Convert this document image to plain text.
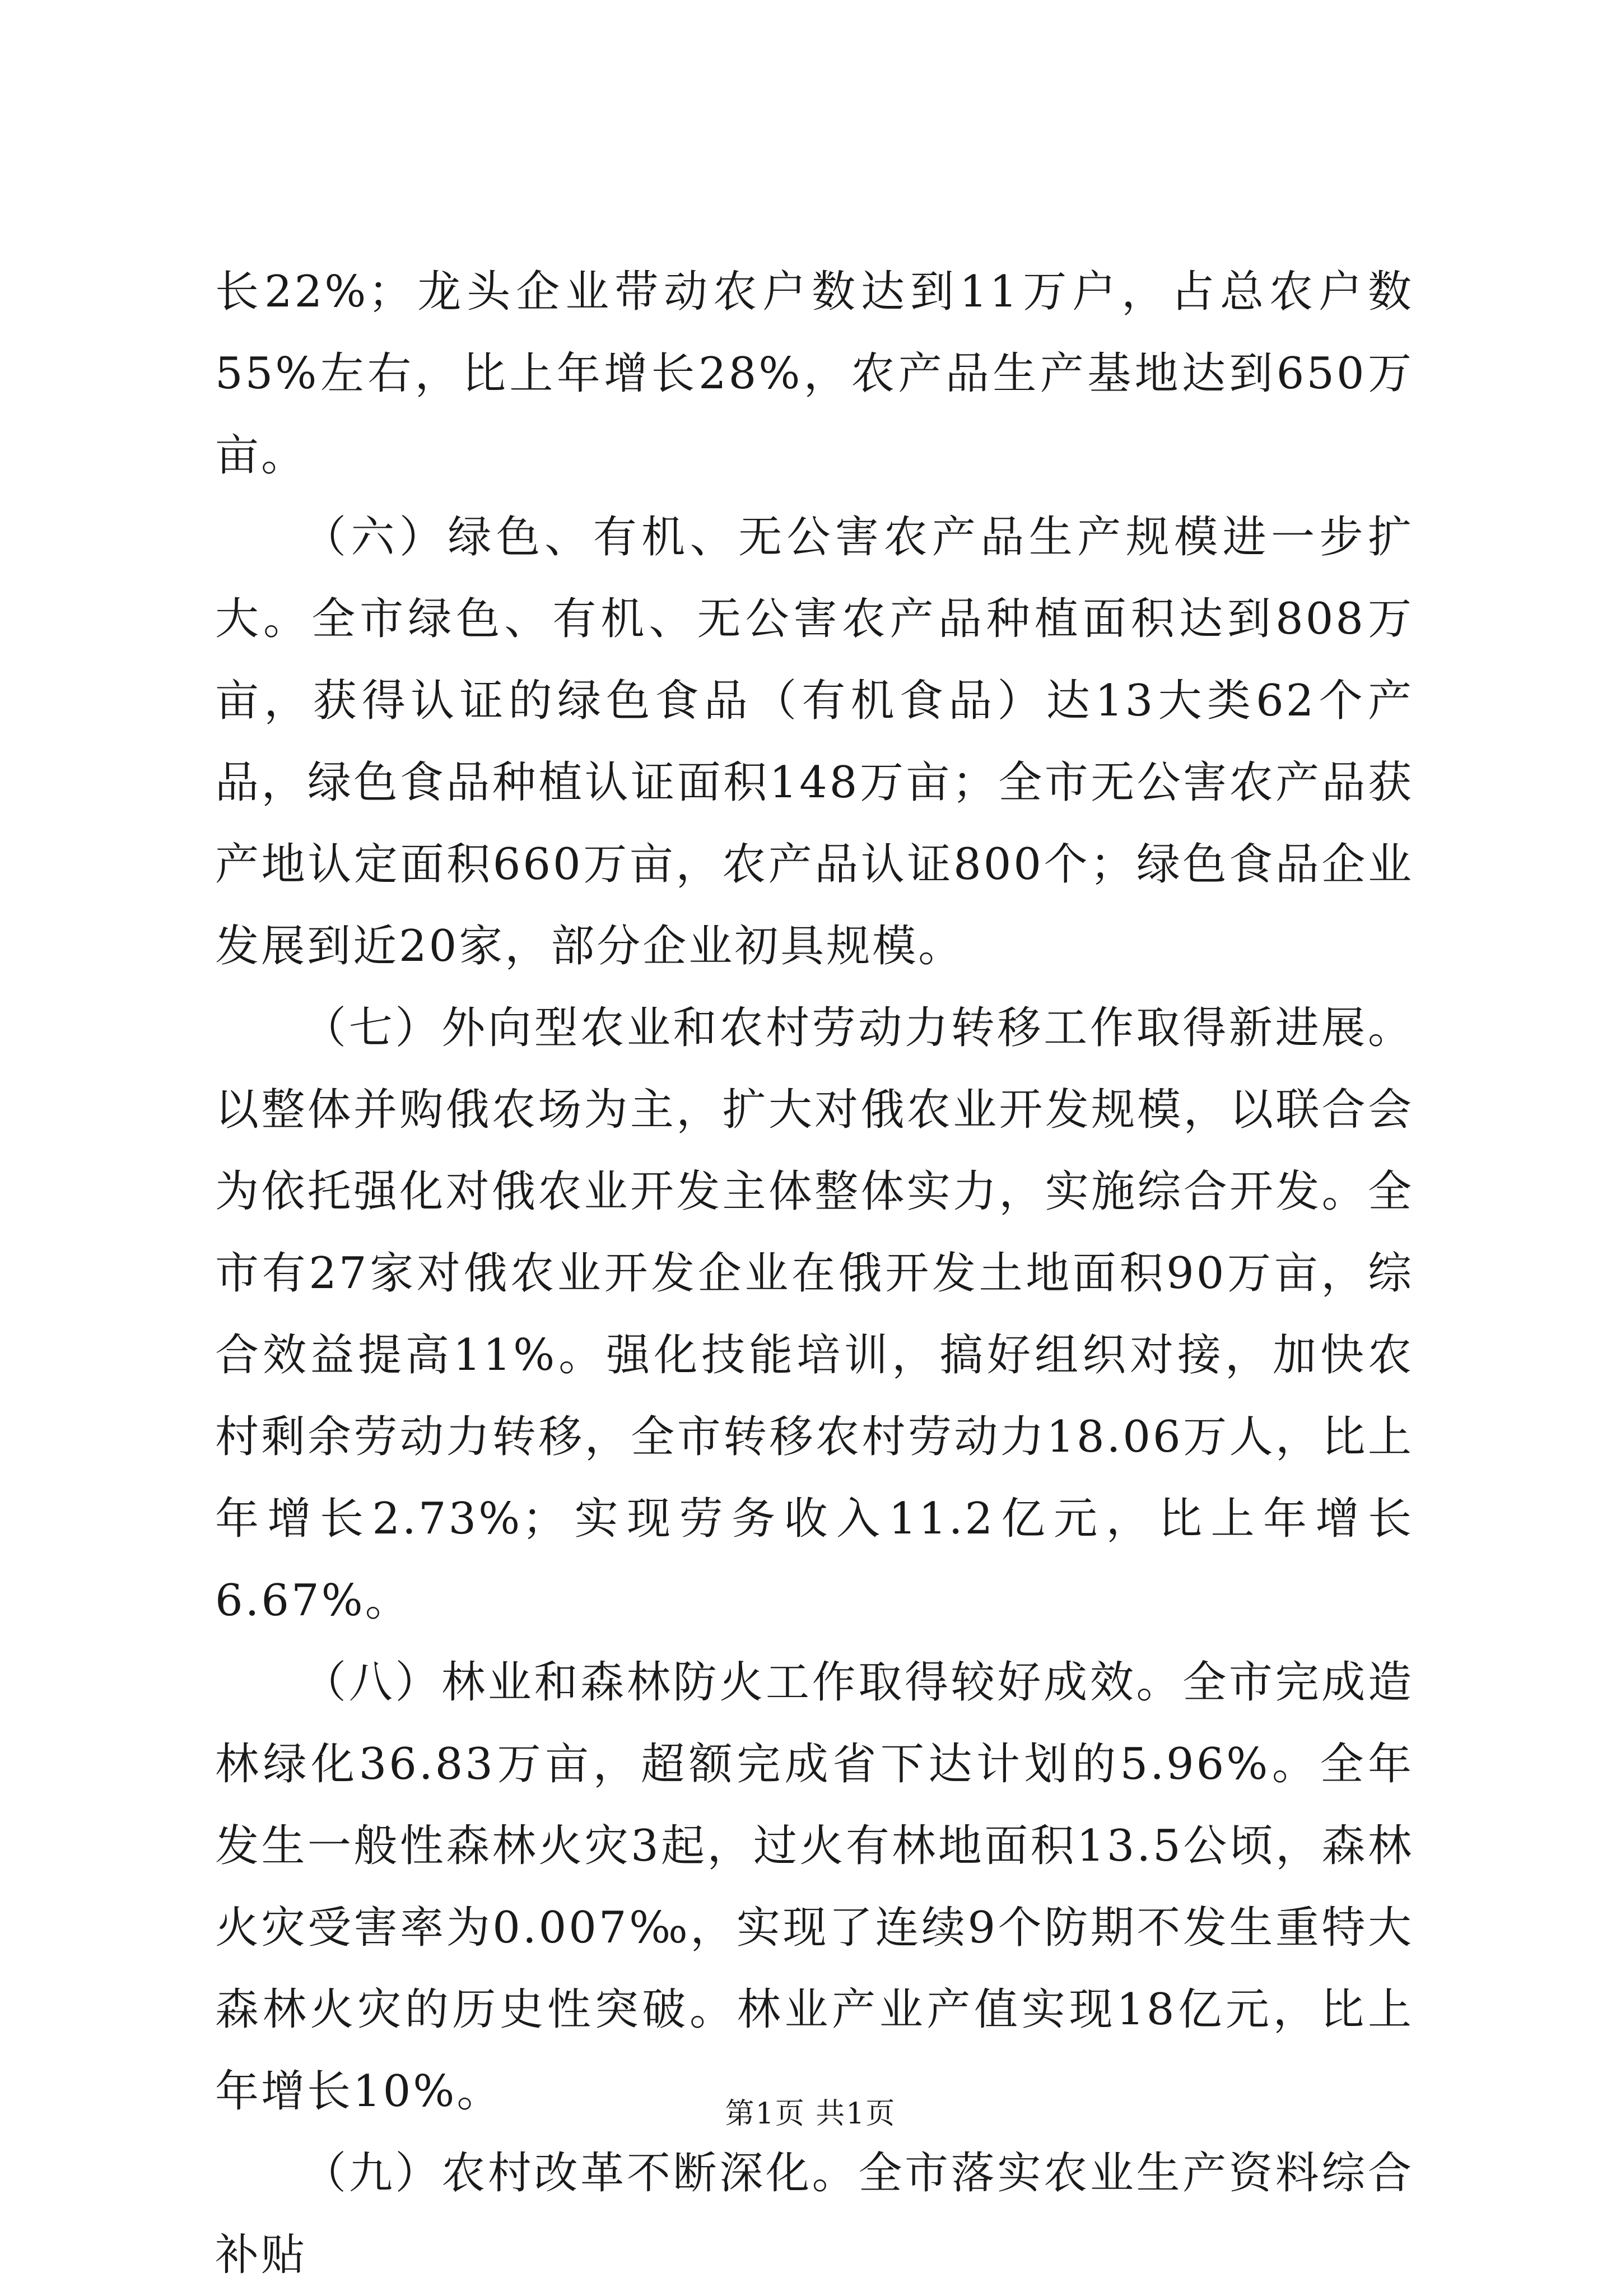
长22%；龙头企业带动农户数达到11万户，占总农户数55%左右，比上年增长28%，农产品生产基地达到650万亩。

（六）绿色、有机、无公害农产品生产规模进一步扩大。全市绿色、有机、无公害农产品种植面积达到808万亩，获得认证的绿色食品（有机食品）达13大类62个产品，绿色食品种植认证面积148万亩；全市无公害农产品获产地认定面积660万亩，农产品认证800个；绿色食品企业发展到近20家，部分企业初具规模。

（七）外向型农业和农村劳动力转移工作取得新进展。以整体并购俄农场为主，扩大对俄农业开发规模，以联合会为依托强化对俄农业开发主体整体实力，实施综合开发。全市有27家对俄农业开发企业在俄开发土地面积90万亩，综合效益提高11%。强化技能培训，搞好组织对接，加快农村剩余劳动力转移，全市转移农村劳动力18.06万人，比上年增长2.73%；实现劳务收入11.2亿元，比上年增长6.67%。

（八）林业和森林防火工作取得较好成效。全市完成造林绿化36.83万亩，超额完成省下达计划的5.96%。全年发生一般性森林火灾3起，过火有林地面积13.5公顷，森林火灾受害率为0.007‰，实现了连续9个防期不发生重特大森林火灾的历史性突破。林业产业产值实现18亿元，比上年增长10%。

（九）农村改革不断深化。全市落实农业生产资料综合补贴

第1页 共1页
